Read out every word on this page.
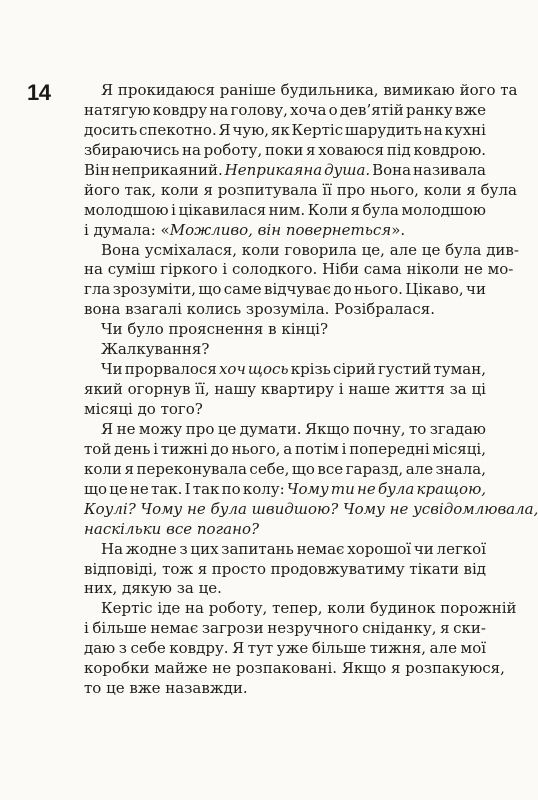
14	Я прокидаюся раніше будильника, вимикаю його та
натягую ковдру на голову, хоча о дев’ятій ранку вже
досить спекотно. Я чую, як Кертіс шарудить на кухні
збираючись на роботу, поки я ховаюся під ковдрою.
Він неприкаяний. Неприкаяна душа. Вона називала
його так, коли я розпитувала її про нього, коли я була
молодшою і цікавилася ним. Коли я була молодшою
і думала: «Можливо, він повернеться».
Вона усміхалася, коли говорила це, але це була див-
на суміш гіркого і солодкого. Ніби сама ніколи не мо-
гла зрозуміти, що саме відчуває до нього. Цікаво, чи
вона взагалі колись зрозуміла. Розібралася.
Чи було прояснення в кінці?
Жалкування?
Чи прорвалося хоч щось крізь сірий густий туман,
який огорнув її, нашу квартиру і наше життя за ці
місяці до того?
Я не можу про це думати. Якщо почну, то згадаю
той день і тижні до нього, а потім і попередні місяці,
коли я переконувала себе, що все гаразд, але знала,
що це не так. І так по колу: Чому ти не була кращою,
Коулі? Чому не була швидшою? Чому не усвідомлювала,
наскільки все погано?
На жодне з цих запитань немає хорошої чи легкої
відповіді, тож я просто продовжуватиму тікати від
них, дякую за це.
Кертіс іде на роботу, тепер, коли будинок порожній
і більше немає загрози незручного сніданку, я ски-
даю з себе ковдру. Я тут уже більше тижня, але мої
коробки майже не розпаковані. Якщо я розпакуюся,
то це вже назавжди.
